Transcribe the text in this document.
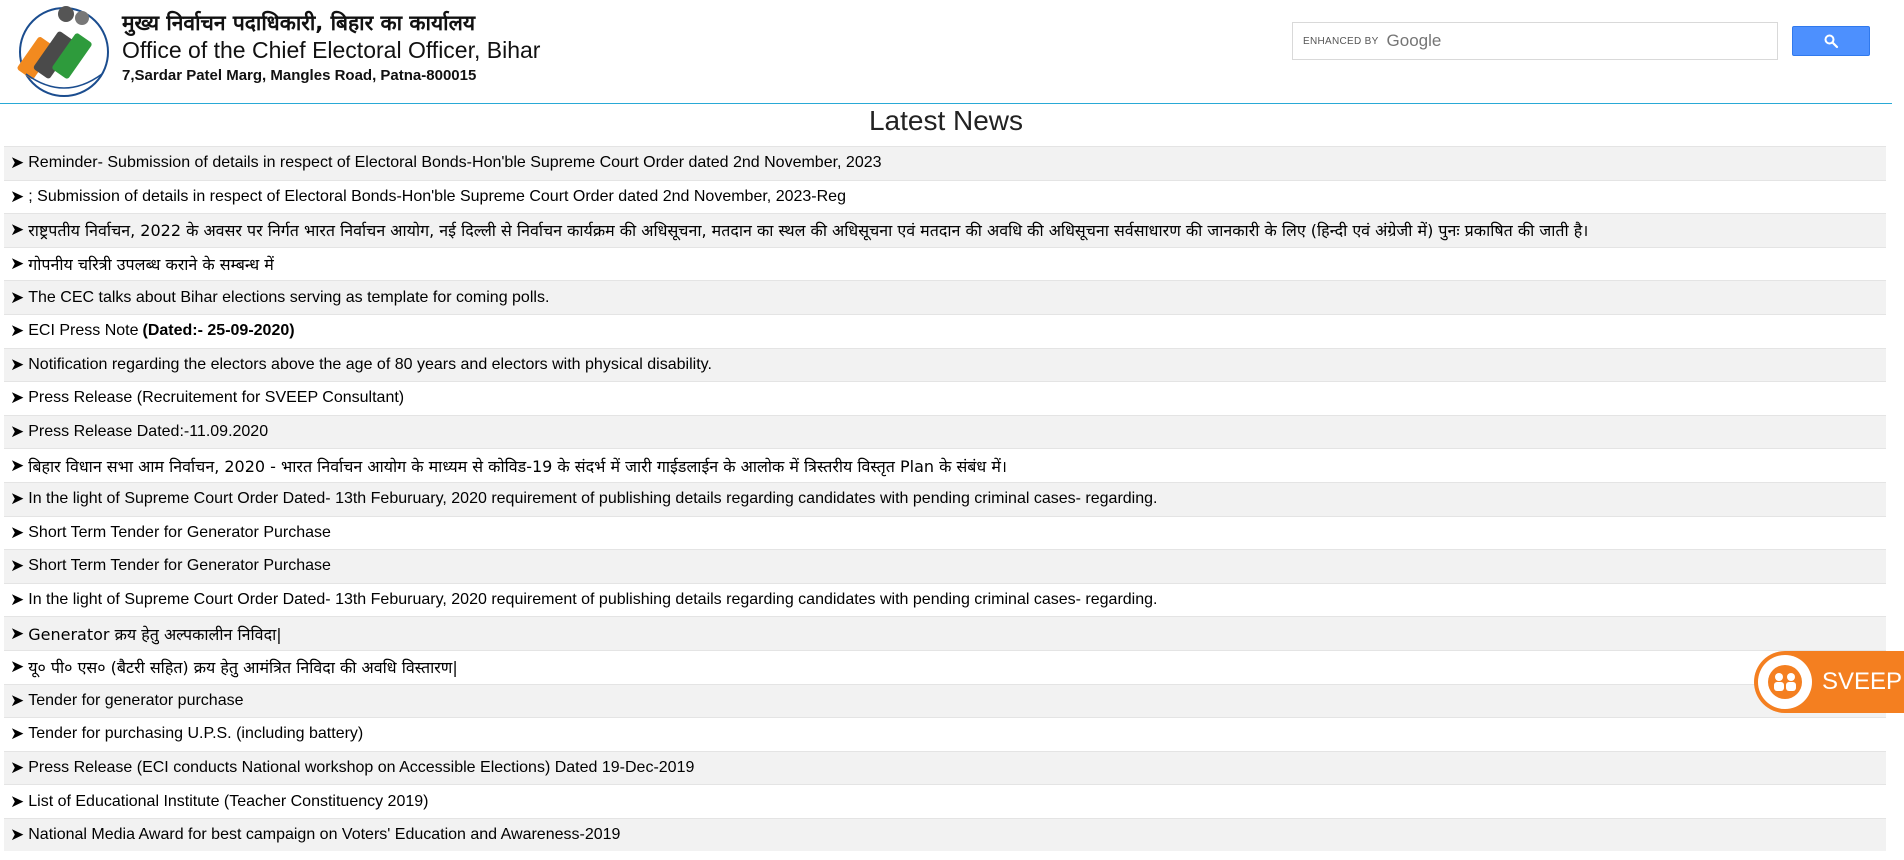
मुख्य निर्वाचन पदाधिकारी, बिहार का कार्यालय
Office of the Chief Electoral Officer, Bihar
7,Sardar Patel Marg, Mangles Road, Patna-800015
ENHANCED BY Google
Latest News
➤ Reminder- Submission of details in respect of Electoral Bonds-Hon'ble Supreme Court Order dated 2nd November, 2023
➤ ; Submission of details in respect of Electoral Bonds-Hon'ble Supreme Court Order dated 2nd November, 2023-Reg
➤ राष्ट्रपतीय निर्वाचन, 2022 के अवसर पर निर्गत भारत निर्वाचन आयोग, नई दिल्ली से निर्वाचन कार्यक्रम की अधिसूचना, मतदान का स्थल की अधिसूचना एवं मतदान की अवधि की अधिसूचना सर्वसाधारण की जानकारी के लिए (हिन्दी एवं अंग्रेजी में) पुनः प्रकाषित की जाती है।
➤ गोपनीय चरित्री उपलब्ध कराने के सम्बन्ध में
➤ The CEC talks about Bihar elections serving as template for coming polls.
➤ ECI Press Note (Dated:- 25-09-2020)
➤ Notification regarding the electors above the age of 80 years and electors with physical disability.
➤ Press Release (Recruitement for SVEEP Consultant)
➤ Press Release Dated:-11.09.2020
➤ बिहार विधान सभा आम निर्वाचन, 2020 - भारत निर्वाचन आयोग के माध्यम से कोविड-19 के संदर्भ में जारी गाईडलाईन के आलोक में त्रिस्तरीय विस्तृत Plan के संबंध में।
➤ In the light of Supreme Court Order Dated- 13th Feburuary, 2020 requirement of publishing details regarding candidates with pending criminal cases- regarding.
➤ Short Term Tender for Generator Purchase
➤ Short Term Tender for Generator Purchase
➤ In the light of Supreme Court Order Dated- 13th Feburuary, 2020 requirement of publishing details regarding candidates with pending criminal cases- regarding.
➤ Generator क्रय हेतु अल्पकालीन निविदा|
➤ यू० पी० एस० (बैटरी सहित) क्रय हेतु आमंत्रित निविदा की अवधि विस्तारण|
➤ Tender for generator purchase
➤ Tender for purchasing U.P.S. (including battery)
➤ Press Release (ECI conducts National workshop on Accessible Elections) Dated 19-Dec-2019
➤ List of Educational Institute (Teacher Constituency 2019)
➤ National Media Award for best campaign on Voters' Education and Awareness-2019
SVEEP
